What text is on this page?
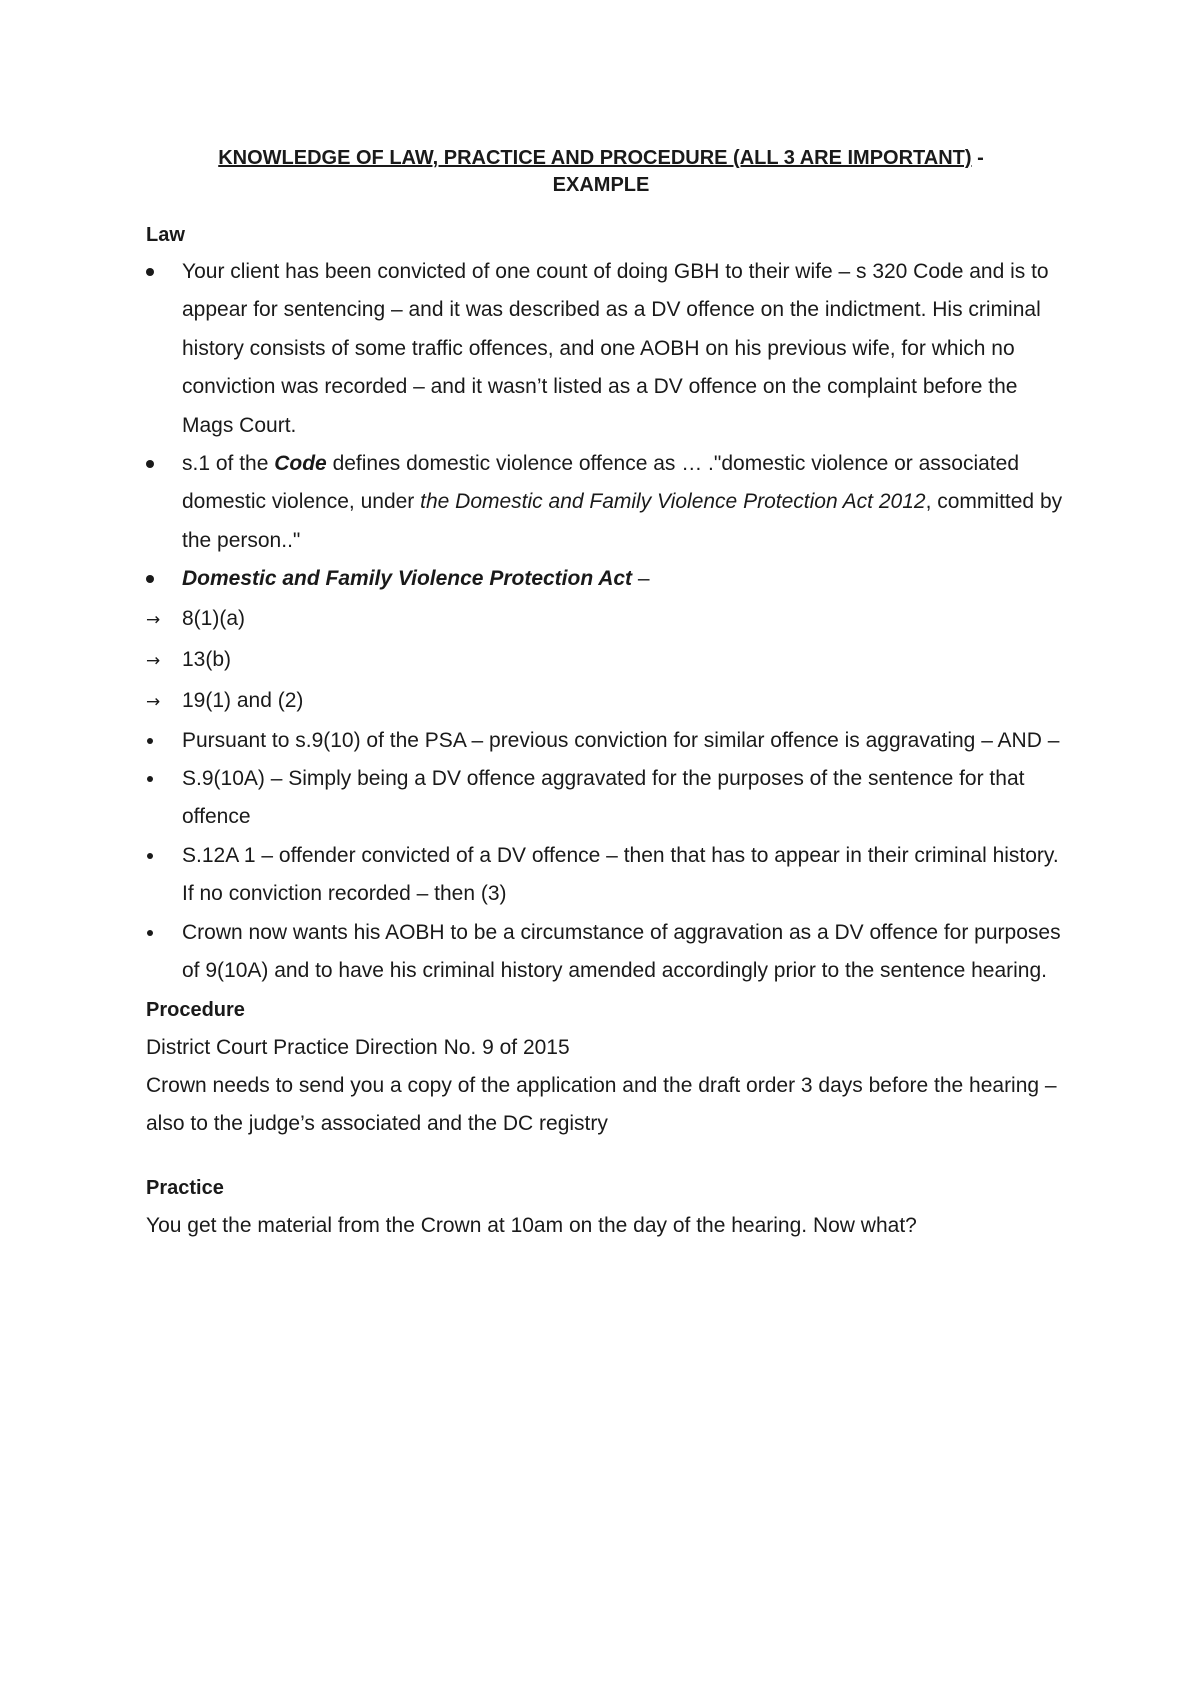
KNOWLEDGE OF LAW, PRACTICE AND PROCEDURE (ALL 3 ARE IMPORTANT) -
EXAMPLE

Law

Your client has been convicted of one count of doing GBH to their wife – s 320 Code and is to appear for sentencing – and it was described as a DV offence on the indictment. His criminal history consists of some traffic offences, and one AOBH on his previous wife, for which no conviction was recorded – and it wasn’t listed as a DV offence on the complaint before the Mags Court.
s.1 of the Code defines domestic violence offence as … ."domestic violence or associated domestic violence, under the Domestic and Family Violence Protection Act 2012, committed by the person.."
Domestic and Family Violence Protection Act –
→ 8(1)(a)
→ 13(b)
→ 19(1) and (2)
Pursuant to s.9(10) of the PSA – previous conviction for similar offence is aggravating – AND –
S.9(10A) – Simply being a DV offence aggravated for the purposes of the sentence for that offence
S.12A 1 – offender convicted of a DV offence – then that has to appear in their criminal history. If no conviction recorded – then (3)
Crown now wants his AOBH to be a circumstance of aggravation as a DV offence for purposes of 9(10A) and to have his criminal history amended accordingly prior to the sentence hearing.

Procedure

District Court Practice Direction No. 9 of 2015

Crown needs to send you a copy of the application and the draft order 3 days before the hearing – also to the judge’s associated and the DC registry

Practice

You get the material from the Crown at 10am on the day of the hearing. Now what?
